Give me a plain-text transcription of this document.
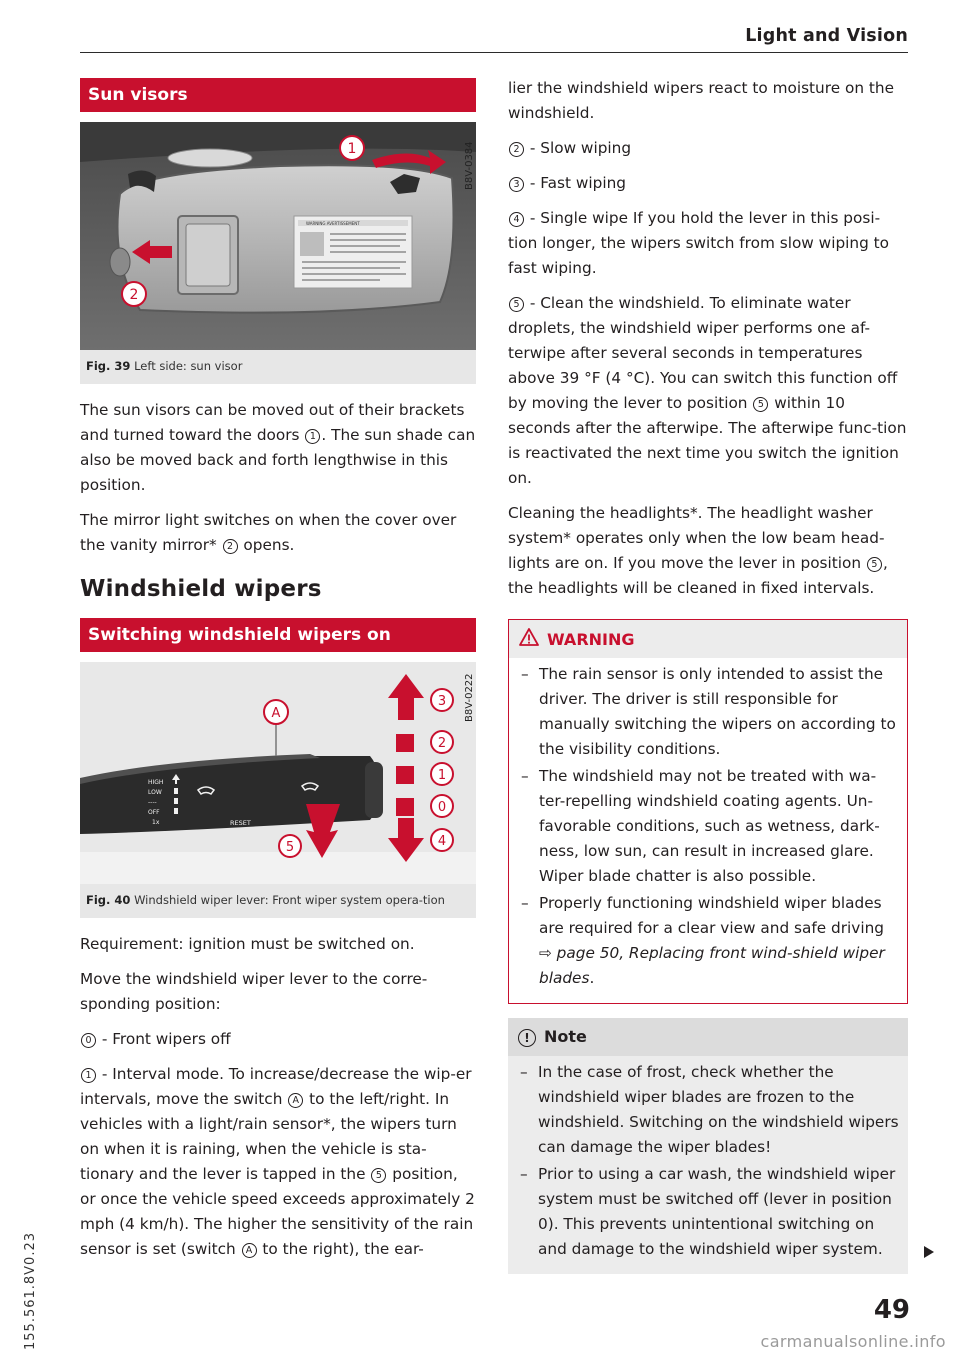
Light and Vision
Sun visors
WARNING AVERTISSEMENT
1
2
B8V-0384
Fig. 39 Left side: sun visor

The sun visors can be moved out of their brackets and turned toward the doors 1 . The sun shade can also be moved back and forth lengthwise in this position.

The mirror light switches on when the cover over the vanity mirror* 2 opens.

Windshield wipers
Switching windshield wipers on
HIGH
LOW
----
OFF
1x	RESET
A
3
2
1
0
4
5
B8V-0222
Fig. 40 Windshield wiper lever: Front wiper system opera-tion

Requirement: ignition must be switched on.

Move the windshield wiper lever to the corre-sponding position:

0 - Front wipers off

1 - Interval mode. To increase/decrease the wip-er intervals, move the switch A to the left/right. In vehicles with a light/rain sensor*, the wipers turn on when it is raining, when the vehicle is sta-tionary and the lever is tapped in the 5 position, or once the vehicle speed exceeds approximately 2 mph (4 km/h). The higher the sensitivity of the rain sensor is set (switch A to the right), the ear-

lier the windshield wipers react to moisture on the windshield.

2 - Slow wiping

3 - Fast wiping

4 - Single wipe If you hold the lever in this posi-tion longer, the wipers switch from slow wiping to fast wiping.

5 - Clean the windshield. To eliminate water droplets, the windshield wiper performs one af-terwipe after several seconds in temperatures above 39 °F (4 °C). You can switch this function off by moving the lever to position 5 within 10 seconds after the afterwipe. The afterwipe func-tion is reactivated the next time you switch the ignition on.

Cleaning the headlights*. The headlight washer system* operates only when the low beam head-lights are on. If you move the lever in position 5 , the headlights will be cleaned in fixed intervals.

WARNING
– The rain sensor is only intended to assist the driver. The driver is still responsible for manually switching the wipers on according to the visibility conditions.
– The windshield may not be treated with wa-ter-repelling windshield coating agents. Un-favorable conditions, such as wetness, dark-ness, low sun, can result in increased glare. Wiper blade chatter is also possible.
– Properly functioning windshield wiper blades are required for a clear view and safe driving ⇨ page 50, Replacing front wind-shield wiper blades.
! Note
– In the case of frost, check whether the windshield wiper blades are frozen to the windshield. Switching on the windshield wipers can damage the wiper blades!
– Prior to using a car wash, the windshield wiper system must be switched off (lever in position 0). This prevents unintentional switching on and damage to the windshield wiper system.
155.561.8V0.23	49
carmanualsonline.info
